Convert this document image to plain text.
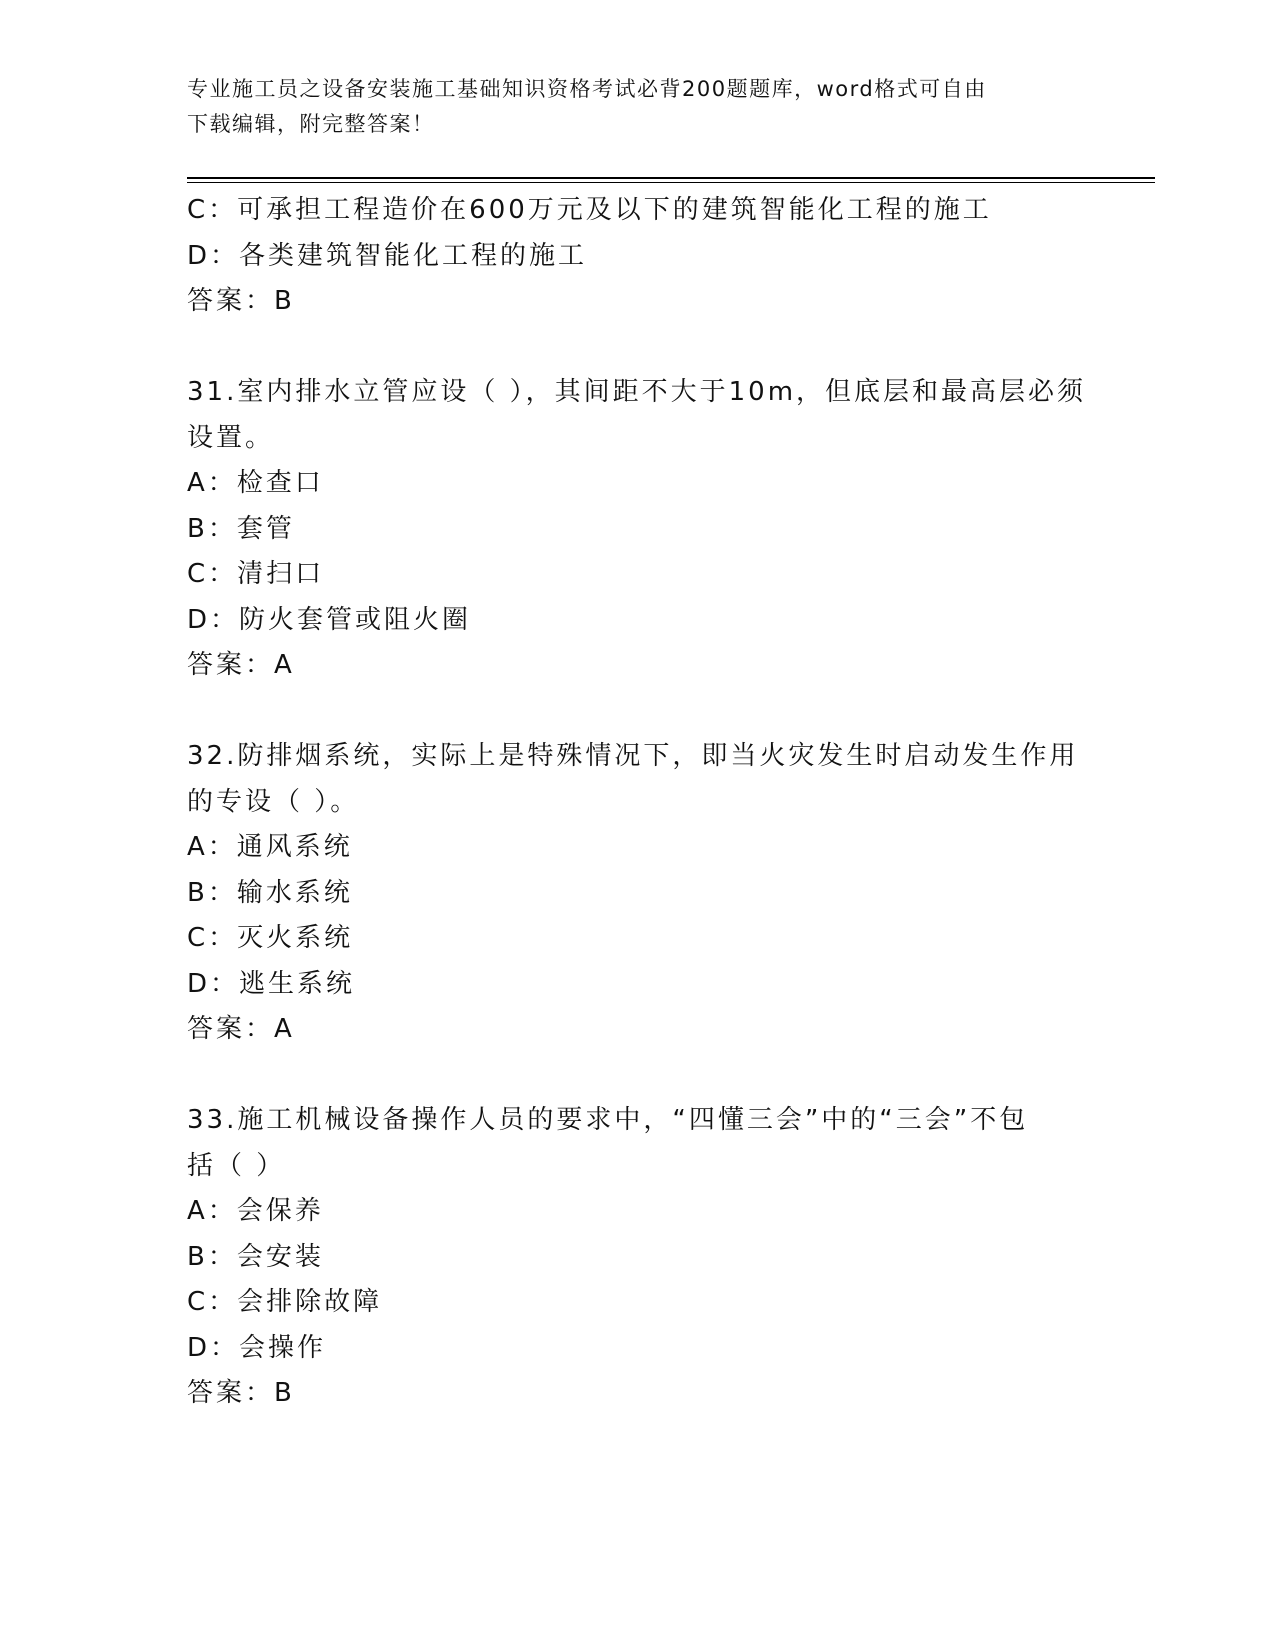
专业施工员之设备安装施工基础知识资格考试必背200题题库，word格式可自由
下载编辑，附完整答案！
C：可承担工程造价在600万元及以下的建筑智能化工程的施工
D：各类建筑智能化工程的施工
答案：B
31.室内排水立管应设（ ），其间距不大于10m，但底层和最高层必须
设置。
A：检查口
B：套管
C：清扫口
D：防火套管或阻火圈
答案：A
32.防排烟系统，实际上是特殊情况下，即当火灾发生时启动发生作用
的专设（ ）。
A：通风系统
B：输水系统
C：灭火系统
D：逃生系统
答案：A
33.施工机械设备操作人员的要求中，“四懂三会”中的“三会”不包
括（ ）
A：会保养
B：会安装
C：会排除故障
D：会操作
答案：B
